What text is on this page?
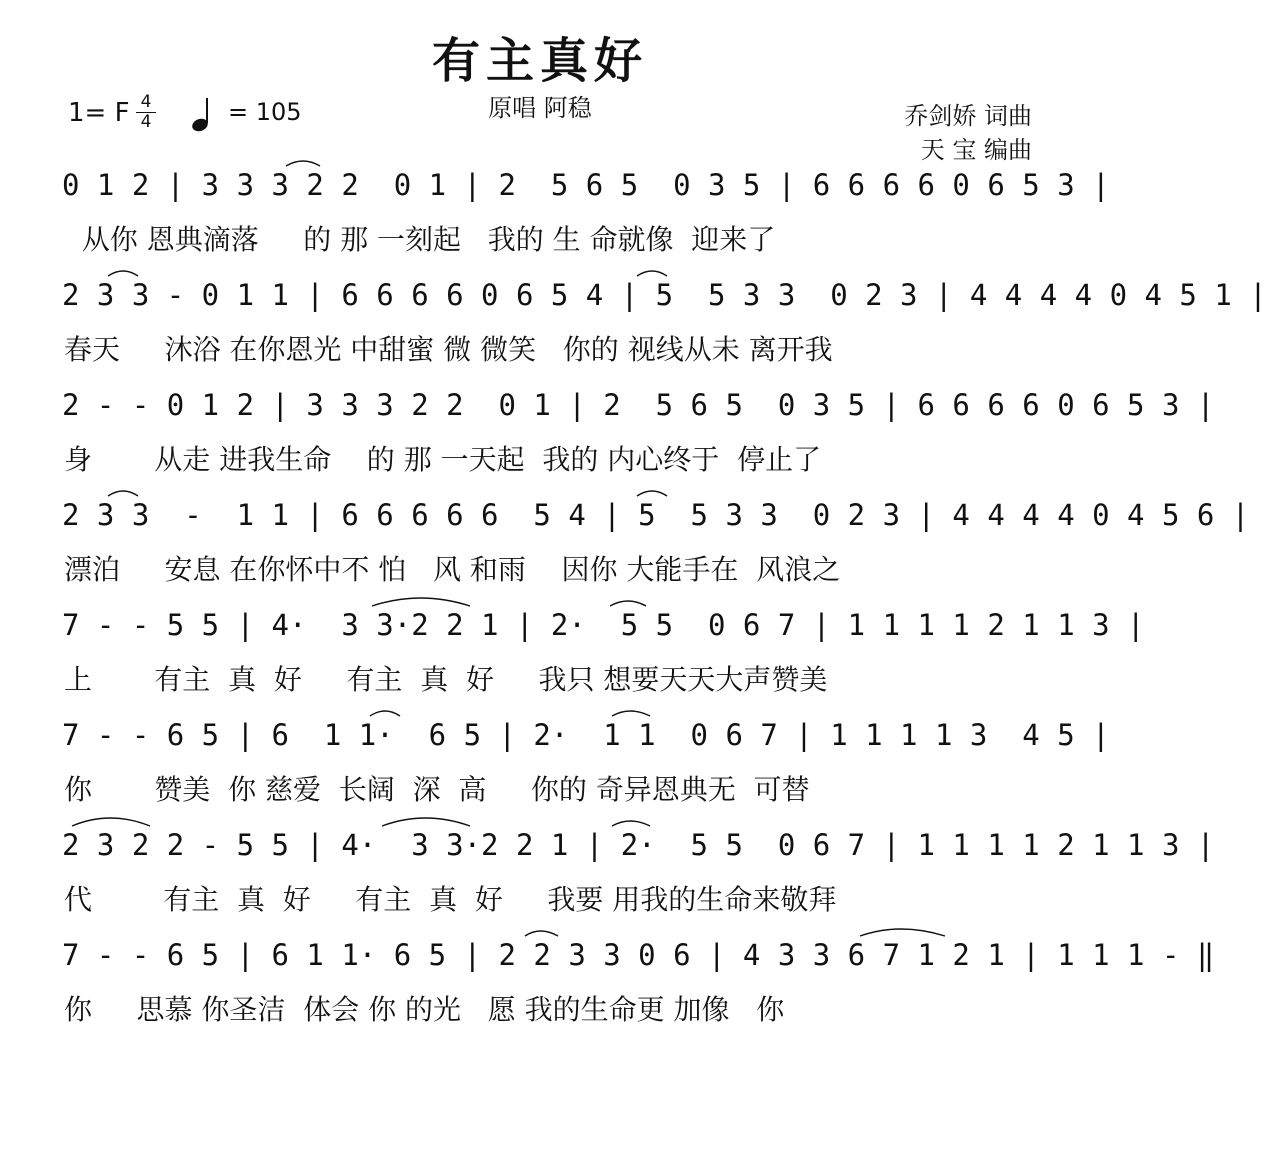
有主真好
原唱 阿稳
1= F 4
4	= 105	乔剑娇 词曲
天 宝 编曲
0 1 2 | 3 3 3 2 2  0 1 | 2  5 6 5  0 3 5 | 6 6 6 6 0 6 5 3 |
从你 恩典滴落     的 那 一刻起   我的 生 命就像  迎来了
2 3 3 - 0 1 1 | 6 6 6 6 0 6 5 4 | 5  5 3 3  0 2 3 | 4 4 4 4 0 4 5 1 |
春天     沐浴 在你恩光 中甜蜜 微 微笑   你的 视线从未 离开我
2 - - 0 1 2 | 3 3 3 2 2  0 1 | 2  5 6 5  0 3 5 | 6 6 6 6 0 6 5 3 |
身       从走 进我生命    的 那 一天起  我的 内心终于  停止了
2 3 3  -  1 1 | 6 6 6 6 6  5 4 | 5  5 3 3  0 2 3 | 4 4 4 4 0 4 5 6 |
漂泊     安息 在你怀中不 怕   风 和雨    因你 大能手在  风浪之
7 - - 5 5 | 4·  3 3·2 2 1 | 2·  5 5  0 6 7 | 1 1 1 1 2 1 1 3 |
上       有主  真  好     有主  真  好     我只 想要天天大声赞美
7 - - 6 5 | 6  1 1·  6 5 | 2·  1 1  0 6 7 | 1 1 1 1 3  4 5 |
你       赞美  你 慈爱  长阔  深  高     你的 奇异恩典无  可替
2 3 2 2 - 5 5 | 4·  3 3·2 2 1 | 2·  5 5  0 6 7 | 1 1 1 1 2 1 1 3 |
代        有主  真  好     有主  真  好     我要 用我的生命来敬拜
7 - - 6 5 | 6 1 1· 6 5 | 2 2 3 3 0 6 | 4 3 3 6 7 1 2 1 | 1 1 1 - ‖
你     思慕 你圣洁  体会 你 的光   愿 我的生命更 加像   你
